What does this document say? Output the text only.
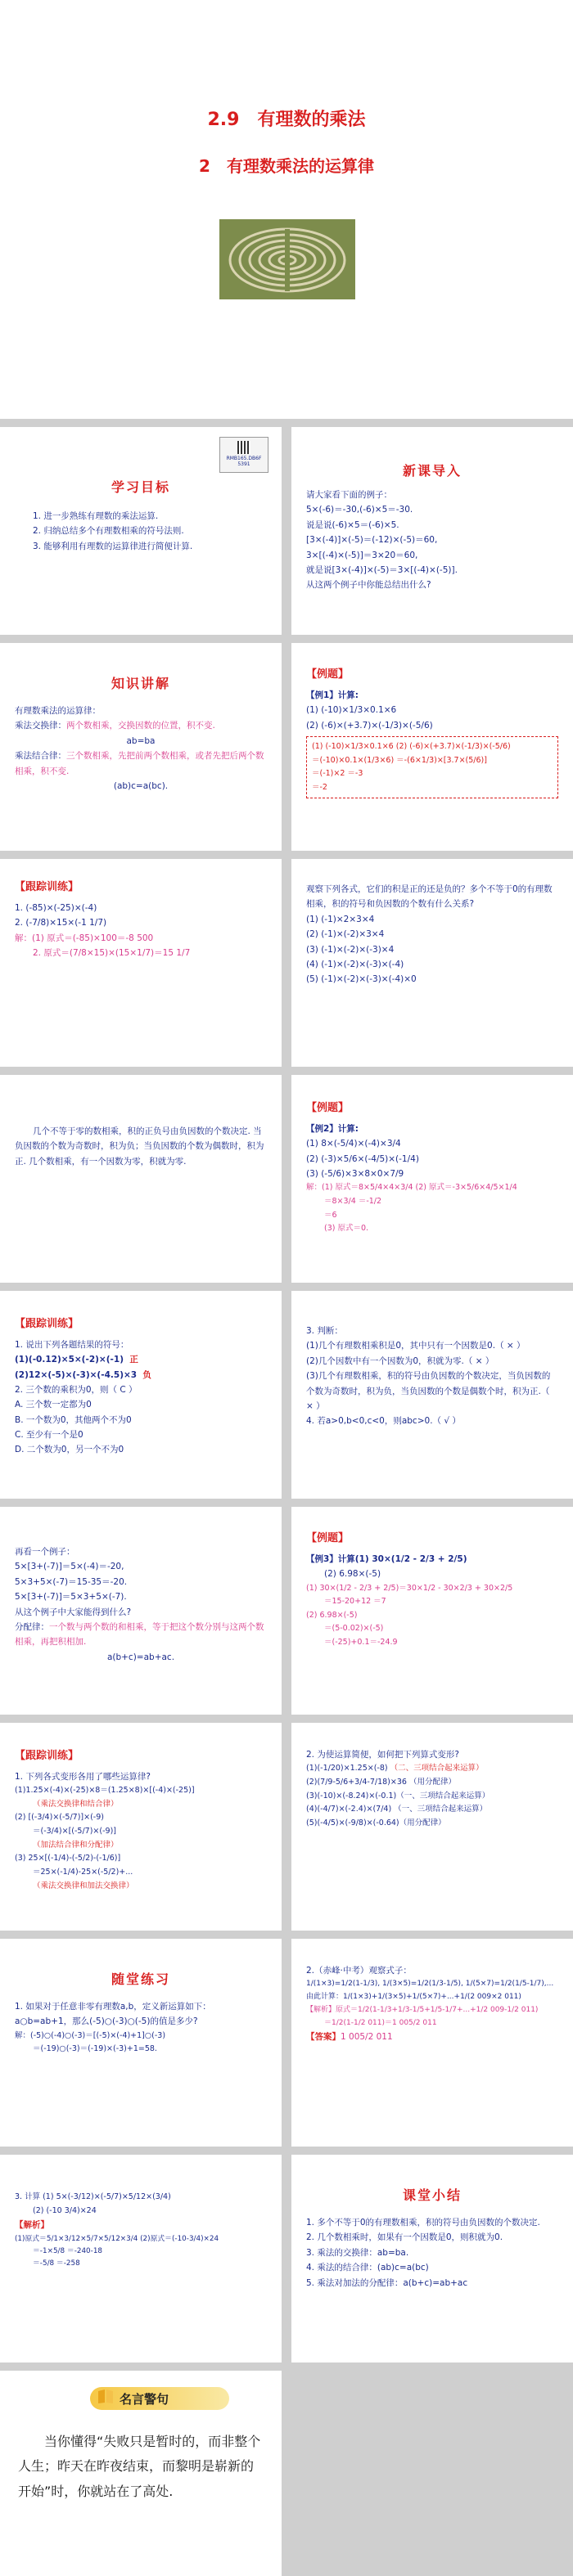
2.9　有理数的乘法
2　有理数乘法的运算律
RMB165.DB6F 5391
学习目标
1. 进一步熟练有理数的乘法运算.
2. 归纳总结多个有理数相乘的符号法则.
3. 能够利用有理数的运算律进行简便计算.
新课导入
请大家看下面的例子：
5×(-6)＝-30,(-6)×5＝-30.
说是说(-6)×5＝(-6)×5.
[3×(-4)]×(-5)＝(-12)×(-5)＝60,
3×[(-4)×(-5)]＝3×20＝60,
就是说[3×(-4)]×(-5)＝3×[(-4)×(-5)].
从这两个例子中你能总结出什么?
知识讲解
有理数乘法的运算律：
乘法交换律：两个数相乘，交换因数的位置，积不变.
ab=ba
乘法结合律：三个数相乘，先把前两个数相乘，或者先把后两个数相乘，积不变.
(ab)c=a(bc).
【例题】
【例1】计算:
(1) (-10)×1/3×0.1×6
(2) (-6)×(+3.7)×(-1/3)×(-5/6)
(1) (-10)×1/3×0.1×6 (2) (-6)×(+3.7)×(-1/3)×(-5/6)
＝(-10)×0.1×(1/3×6) ＝-(6×1/3)×[3.7×(5/6)]
＝(-1)×2 ＝-3
＝-2
【跟踪训练】
1. (-85)×(-25)×(-4)
2. (-7/8)×15×(-1 1/7)
解：(1) 原式＝(-85)×100＝-8 500
2. 原式＝(7/8×15)×(15×1/7)＝15 1/7
观察下列各式，它们的积是正的还是负的？多个不等于0的有理数相乘，积的符号和负因数的个数有什么关系?
(1) (-1)×2×3×4
(2) (-1)×(-2)×3×4
(3) (-1)×(-2)×(-3)×4
(4) (-1)×(-2)×(-3)×(-4)
(5) (-1)×(-2)×(-3)×(-4)×0
几个不等于零的数相乘，积的正负号由负因数的个数决定. 当负因数的个数为奇数时，积为负；当负因数的个数为偶数时，积为正. 几个数相乘，有一个因数为零，积就为零.
【例题】
【例2】计算:
(1) 8×(-5/4)×(-4)×3/4
(2) (-3)×5/6×(-4/5)×(-1/4)
(3) (-5/6)×3×8×0×7/9
解：(1) 原式＝8×5/4×4×3/4 (2) 原式＝-3×5/6×4/5×1/4
＝8×3/4 ＝-1/2
＝6
(3) 原式＝0.
【跟踪训练】
1. 说出下列各题结果的符号：
(1)(-0.12)×5×(-2)×(-1) 正
(2)12×(-5)×(-3)×(-4.5)×3 负
2. 三个数的乘积为0，则（ C ）
A. 三个数一定都为0
B. 一个数为0，其他两个不为0
C. 至少有一个是0
D. 二个数为0，另一个不为0
3. 判断：
(1)几个有理数相乘积是0，其中只有一个因数是0.（ × ）
(2)几个因数中有一个因数为0，积就为零.（ × ）
(3)几个有理数相乘，积的符号由负因数的个数决定，当负因数的个数为奇数时，积为负，当负因数的个数是偶数个时，积为正.（ × ）
4. 若a>0,b<0,c<0，则abc>0.（ √ ）
再看一个例子：
5×[3+(-7)]＝5×(-4)＝-20,
5×3+5×(-7)＝15-35＝-20.
5×[3+(-7)]＝5×3+5×(-7).
从这个例子中大家能得到什么?
分配律：一个数与两个数的和相乘，等于把这个数分别与这两个数相乘，再把积相加.
a(b+c)=ab+ac.
【例题】
【例3】计算(1) 30×(1/2 - 2/3 + 2/5)
(2) 6.98×(-5)
(1) 30×(1/2 - 2/3 + 2/5)＝30×1/2 - 30×2/3 + 30×2/5
＝15-20+12 ＝7
(2) 6.98×(-5)
＝(5-0.02)×(-5)
＝(-25)+0.1＝-24.9
【跟踪训练】
1. 下列各式变形各用了哪些运算律?
(1)1.25×(-4)×(-25)×8＝(1.25×8)×[(-4)×(-25)]
（乘法交换律和结合律）
(2) [(-3/4)×(-5/7)]×(-9)
＝(-3/4)×[(-5/7)×(-9)]
（加法结合律和分配律）
(3) 25×[(-1/4)-(-5/2)-(-1/6)]
＝25×(-1/4)-25×(-5/2)+...
（乘法交换律和加法交换律）
2. 为使运算简便，如何把下列算式变形?
(1)(-1/20)×1.25×(-8) （二、三项结合起来运算）
(2)(7/9-5/6+3/4-7/18)×36 （用分配律）
(3)(-10)×(-8.24)×(-0.1)（一、三项结合起来运算）
(4)(-4/7)×(-2.4)×(7/4) （一、三项结合起来运算）
(5)(-4/5)×(-9/8)×(-0.64)（用分配律）
随堂练习
1. 如果对于任意非零有理数a,b，定义新运算如下：a○b=ab+1，那么(-5)○(-3)○(-5)的值是多少?
解：(-5)○(-4)○(-3)＝[(-5)×(-4)+1]○(-3)
＝(-19)○(-3)＝(-19)×(-3)+1=58.
2.（赤峰·中考）观察式子：
1/(1×3)=1/2(1-1/3), 1/(3×5)=1/2(1/3-1/5), 1/(5×7)=1/2(1/5-1/7),...
由此计算：1/(1×3)+1/(3×5)+1/(5×7)+...+1/(2 009×2 011)
【解析】原式＝1/2(1-1/3+1/3-1/5+1/5-1/7+...+1/2 009-1/2 011)
＝1/2(1-1/2 011)＝1 005/2 011
【答案】1 005/2 011
3. 计算 (1) 5×(-3/12)×(-5/7)×5/12×(3/4)
(2) (-10 3/4)×24
【解析】
(1)原式＝5/1×3/12×5/7×5/12×3/4 (2)原式＝(-10-3/4)×24
＝-1×5/8 ＝-240-18
＝-5/8 ＝-258
课堂小结
1. 多个不等于0的有理数相乘，积的符号由负因数的个数决定.
2. 几个数相乘时，如果有一个因数是0，则积就为0.
3. 乘法的交换律：ab=ba.
4. 乘法的结合律：(ab)c=a(bc)
5. 乘法对加法的分配律：a(b+c)=ab+ac
名言警句
当你懂得“失败只是暂时的，而非整个人生；昨天在昨夜结束，而黎明是崭新的开始”时，你就站在了高处.
